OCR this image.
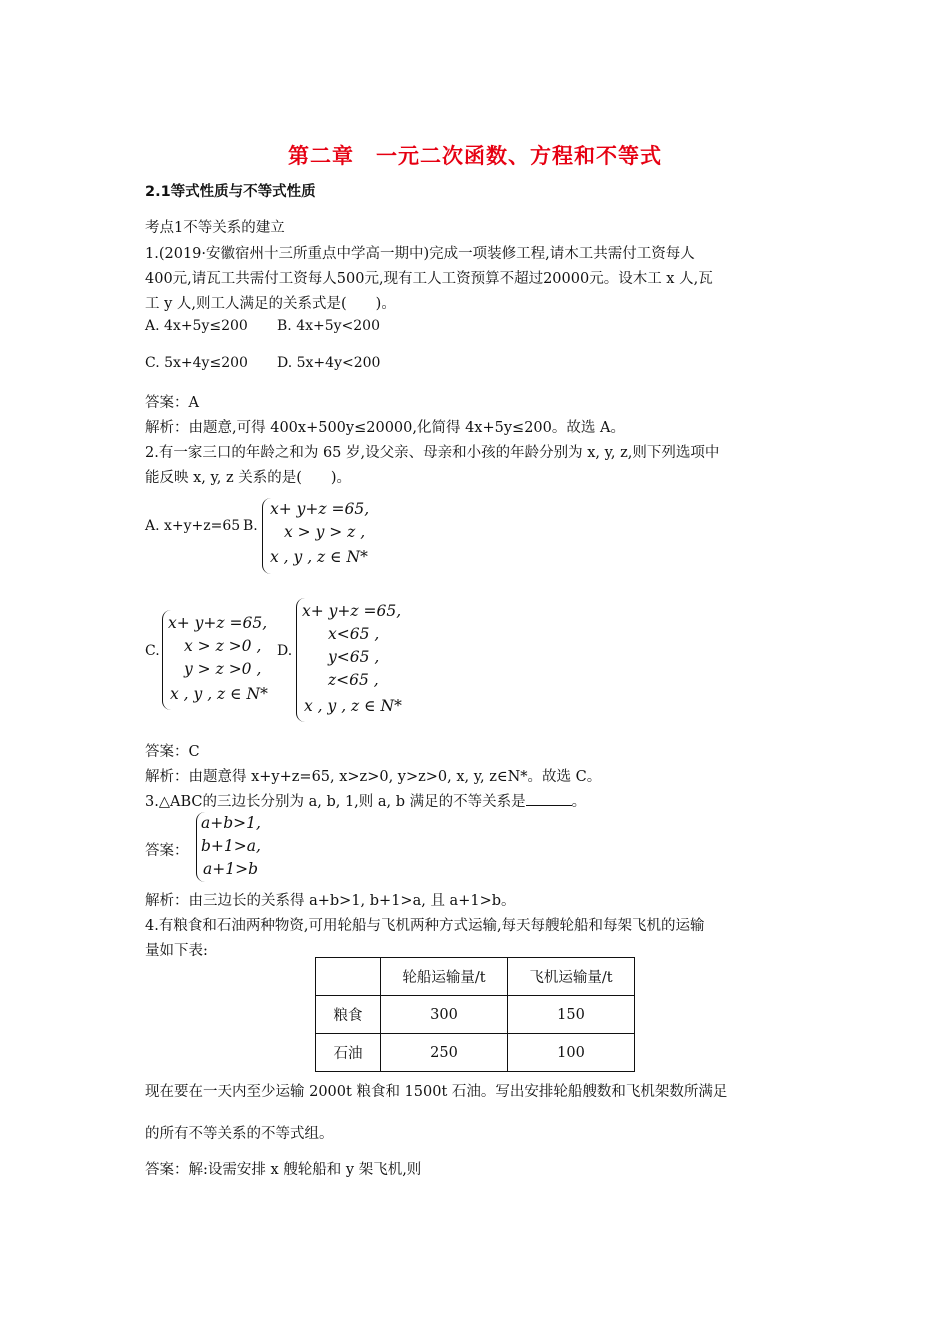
第二章　一元二次函数、方程和不等式
2.1等式性质与不等式性质
考点1不等关系的建立
1.(2019·安徽宿州十三所重点中学高一期中)完成一项装修工程,请木工共需付工资每人
400元,请瓦工共需付工资每人500元,现有工人工资预算不超过20000元。设木工 x 人,瓦
工 y 人,则工人满足的关系式是(　　)。
A. 4x+5y≤200 B. 4x+5y<200
C. 5x+4y≤200 D. 5x+4y<200
答案：A
解析：由题意,可得 400x+500y≤20000,化简得 4x+5y≤200。故选 A。
2.有一家三口的年龄之和为 65 岁,设父亲、母亲和小孩的年龄分别为 x, y, z,则下列选项中
能反映 x, y, z 关系的是(　　)。
A. x+y+z=65 B.
x+ y+z =65,
x > y > z ,
x , y , z ∈ N*
C.
x+ y+z =65,
x > z >0 ,
y > z >0 ,
x , y , z ∈ N*
D.
x+ y+z =65,
x<65 ,
y<65 ,
z<65 ,
x , y , z ∈ N*
答案：C
解析：由题意得 x+y+z=65, x>z>0, y>z>0, x, y, z∈N*。故选 C。
3.△ABC的三边长分别为 a, b, 1,则 a, b 满足的不等关系是	。
答案：
a+b>1,
b+1>a,
a+1>b
解析：由三边长的关系得 a+b>1, b+1>a, 且 a+1>b。
4.有粮食和石油两种物资,可用轮船与飞机两种方式运输,每天每艘轮船和每架飞机的运输
量如下表:
	轮船运输量/t	飞机运输量/t
粮食	300	150
石油	250	100
现在要在一天内至少运输 2000t 粮食和 1500t 石油。写出安排轮船艘数和飞机架数所满足
的所有不等关系的不等式组。
答案：解:设需安排 x 艘轮船和 y 架飞机,则
